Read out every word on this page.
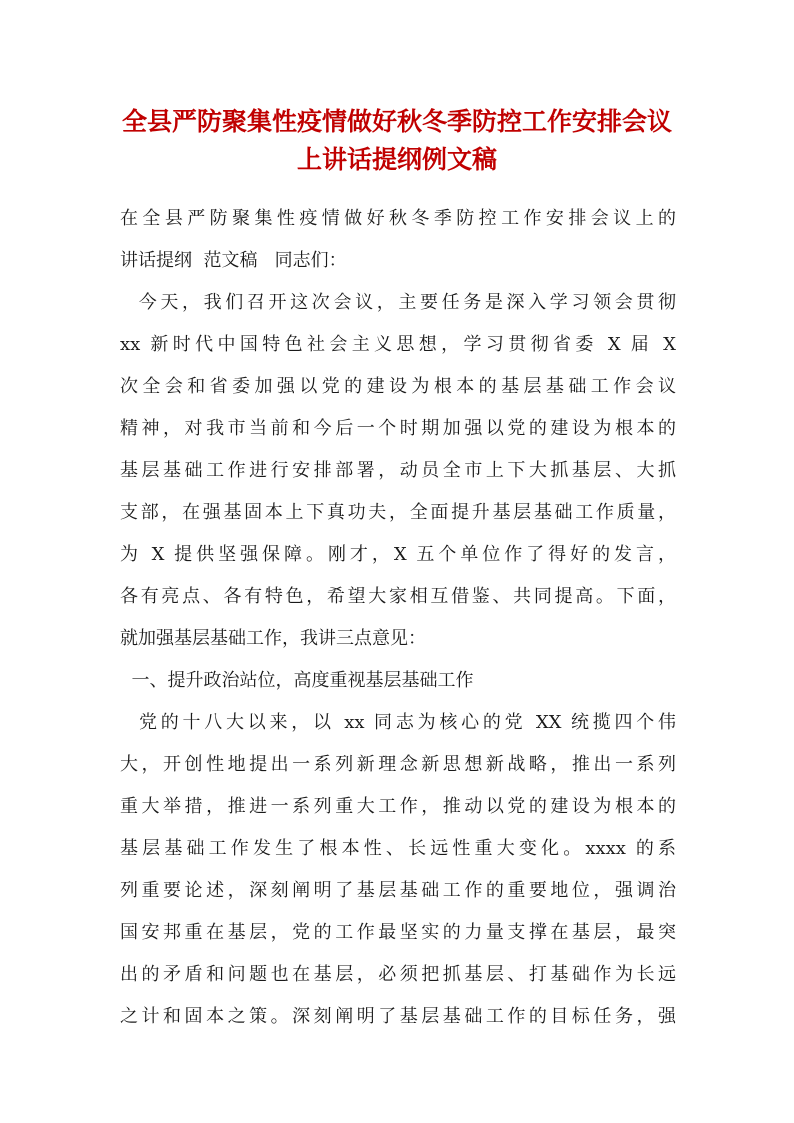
全县严防聚集性疫情做好秋冬季防控工作安排会议
上讲话提纲例文稿
在全县严防聚集性疫情做好秋冬季防控工作安排会议上的
讲话提纲  范文稿   同志们：
今天，我们召开这次会议，主要任务是深入学习领会贯彻
xx 新时代中国特色社会主义思想，学习贯彻省委 X 届 X
次全会和省委加强以党的建设为根本的基层基础工作会议
精神，对我市当前和今后一个时期加强以党的建设为根本的
基层基础工作进行安排部署，动员全市上下大抓基层、大抓
支部，在强基固本上下真功夫，全面提升基层基础工作质量，
为 X 提供坚强保障。刚才，X 五个单位作了得好的发言，
各有亮点、各有特色，希望大家相互借鉴、共同提高。下面，
就加强基层基础工作，我讲三点意见：
一、提升政治站位，高度重视基层基础工作
党的十八大以来，以 xx 同志为核心的党 XX 统揽四个伟
大，开创性地提出一系列新理念新思想新战略，推出一系列
重大举措，推进一系列重大工作，推动以党的建设为根本的
基层基础工作发生了根本性、长远性重大变化。xxxx 的系
列重要论述，深刻阐明了基层基础工作的重要地位，强调治
国安邦重在基层，党的工作最坚实的力量支撑在基层，最突
出的矛盾和问题也在基层，必须把抓基层、打基础作为长远
之计和固本之策。深刻阐明了基层基础工作的目标任务，强
